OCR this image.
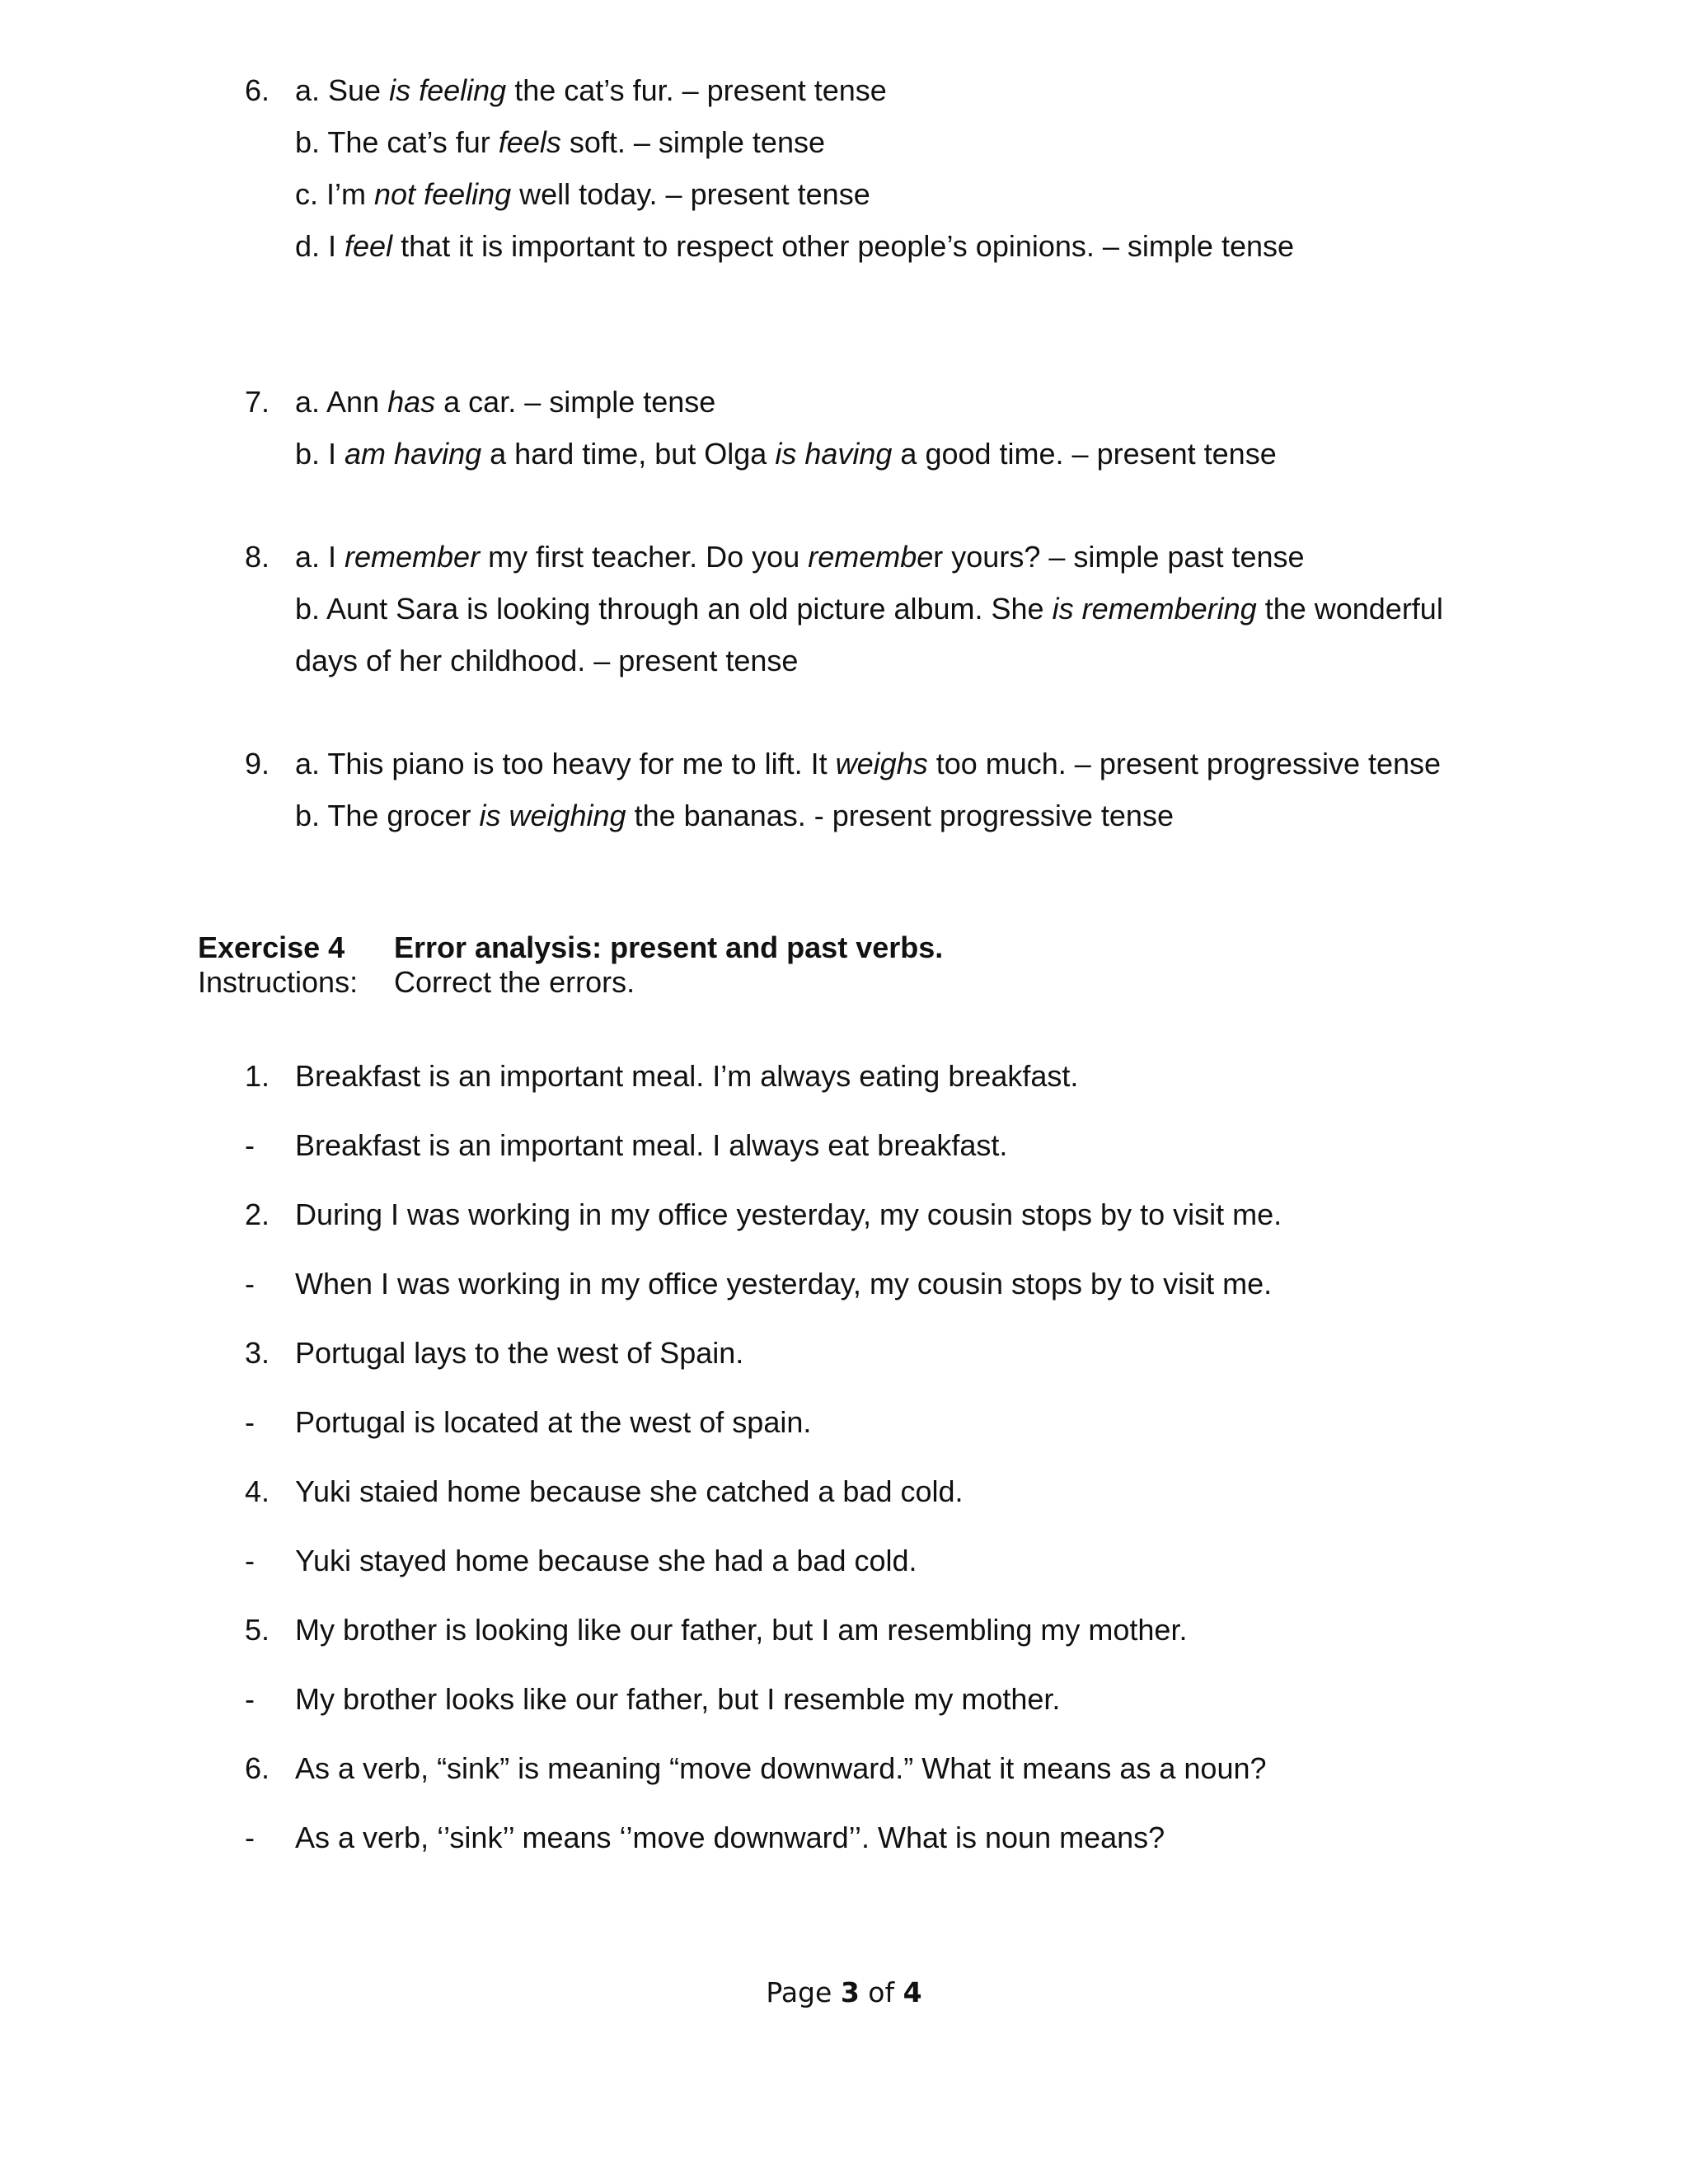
6. a. Sue is feeling the cat’s fur. – present tense
b. The cat’s fur feels soft. – simple tense
c. I’m not feeling well today. – present tense
d. I feel that it is important to respect other people’s opinions. – simple tense
7. a. Ann has a car. – simple tense
b. I am having a hard time, but Olga is having a good time. – present tense
8. a. I remember my first teacher. Do you remember yours? – simple past tense
b. Aunt Sara is looking through an old picture album. She is remembering the wonderful
days of her childhood. – present tense
9. a. This piano is too heavy for me to lift. It weighs too much. – present progressive tense
b. The grocer is weighing the bananas. - present progressive tense
Exercise 4 Error analysis: present and past verbs.
Instructions: Correct the errors.
1. Breakfast is an important meal. I’m always eating breakfast.
- Breakfast is an important meal. I always eat breakfast.
2. During I was working in my office yesterday, my cousin stops by to visit me.
- When I was working in my office yesterday, my cousin stops by to visit me.
3. Portugal lays to the west of Spain.
- Portugal is located at the west of spain.
4. Yuki staied home because she catched a bad cold.
- Yuki stayed home because she had a bad cold.
5. My brother is looking like our father, but I am resembling my mother.
- My brother looks like our father, but I resemble my mother.
6. As a verb, “sink” is meaning “move downward.” What it means as a noun?
- As a verb, ‘’sink’’ means ‘’move downward’’. What is noun means?
Page 3 of 4
